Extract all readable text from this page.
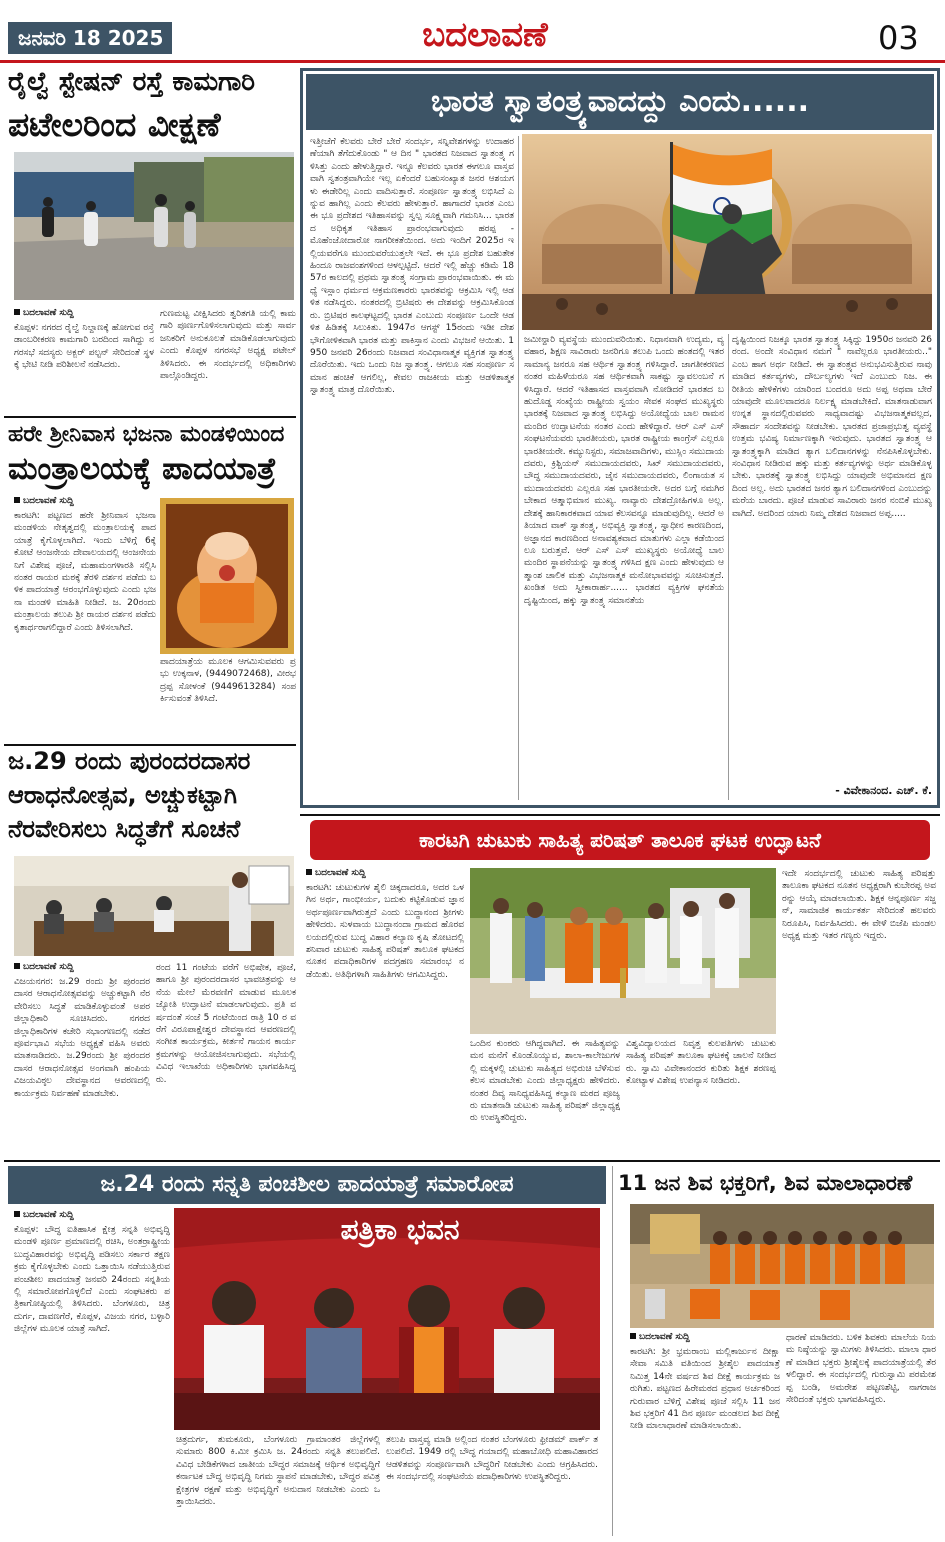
ಜನವರಿ 18 2025	ಬದಲಾವಣೆ	03
ರೈಲ್ವೆ ಸ್ಟೇಷನ್ ರಸ್ತೆ ಕಾಮಗಾರಿ
ಪಟೇಲರಿಂದ ವೀಕ್ಷಣೆ
ಬದಲಾವಣೆ ಸುದ್ದಿ
ಕೊಪ್ಪಳ: ನಗರದ ರೈಲ್ವೆ ನಿಲ್ದಾಣಕ್ಕೆ ಹೋಗುವ ರಸ್ತೆ ಡಾಂಬರೀಕರಣ ಕಾಮಗಾರಿ ಬರದಿಂದ ಸಾಗಿದ್ದು ನಗರಸಭೆ ಸದಸ್ಯರು ಅಕ್ಬರ್ ಪಲ್ಟನ್ ಸೇರಿದಂತೆ ಸ್ಥಳಕ್ಕೆ ಭೇಟಿ ನೀಡಿ ಪರಿಶೀಲನೆ ನಡೆಸಿದರು.
ಗುಣಮಟ್ಟ ವೀಕ್ಷಿಸಿದರು ತ್ವರಿತಗತಿ ಯಲ್ಲಿ ಕಾಮಗಾರಿ ಪೂರ್ಣಗೊಳಿಸಲಾಗುವುದು ಮತ್ತು ಸಾರ್ವಜನಿಕರಿಗೆ ಅನುಕೂಲತೆ ಮಾಡಿಕೊಡಲಾಗುವುದು ಎಂದು ಕೊಪ್ಪಳ ನಗರಸಭೆ ಅಧ್ಯಕ್ಷ ಪಟೇಲ್ ತಿಳಿಸಿದರು. ಈ ಸಂದರ್ಭದಲ್ಲಿ ಅಧಿಕಾರಿಗಳು ಪಾಲ್ಗೊಂಡಿದ್ದರು.
ಹರೇ ಶ್ರೀನಿವಾಸ ಭಜನಾ ಮಂಡಳಿಯಿಂದ
ಮಂತ್ರಾಲಯಕ್ಕೆ ಪಾದಯಾತ್ರೆ
ಬದಲಾವಣೆ ಸುದ್ದಿ
ಕಾರಟಗಿ: ಪಟ್ಟಣದ ಹರೇ ಶ್ರೀನಿವಾಸ ಭಜನಾ ಮಂಡಳಿಯ ನೇತೃತ್ವದಲ್ಲಿ ಮಂತ್ರಾಲಯಕ್ಕೆ ಪಾದಯಾತ್ರೆ ಕೈಗೊಳ್ಳಲಾಗಿದೆ. ಇಂದು ಬೆಳಿಗ್ಗೆ 6ಕ್ಕೆ ಕೋಟೆ ಆಂಜನೇಯ ದೇವಾಲಯದಲ್ಲಿ ಆಂಜನೇಯನಿಗೆ ವಿಶೇಷ ಪೂಜೆ, ಮಹಾಮಂಗಳಾರತಿ ಸಲ್ಲಿಸಿ ನಂತರ ರಾಯರ ಮಠಕ್ಕೆ ತೆರಳಿ ದರ್ಶನ ಪಡೆದು ಬಳಿಕ ಪಾದಯಾತ್ರೆ ಆರಂಭಗೊಳ್ಳುವುದು ಎಂದು ಭಜನಾ ಮಂಡಳಿ ಮಾಹಿತಿ ನೀಡಿದೆ. ಜ. 20ರಂದು ಮಂತ್ರಾಲಯ ತಲುಪಿ ಶ್ರೀ ರಾಯರ ದರ್ಶನ ಪಡೆದು ಕೃತಾರ್ಥರಾಗಲಿದ್ದಾರೆ ಎಂದು ತಿಳಿಸಲಾಗಿದೆ.
ಪಾದಯಾತ್ರೆಯ ಮೂಲಕ ಆಗಮಿಸುವವರು ಪ್ರಭು ಉಕ್ಕನಾಳ, (9449072468), ವೀರಭದ್ರಪ್ಪ ಸೋಳಂಕೆ (9449613284) ಸಂಪರ್ಕಿಸುವಂತೆ ತಿಳಿಸಿದೆ.
ಜ.29 ರಂದು ಪುರಂದರದಾಸರ
ಆರಾಧನೋತ್ಸವ, ಅಚ್ಚುಕಟ್ಟಾಗಿ
ನೆರವೇರಿಸಲು ಸಿದ್ಧತೆಗೆ ಸೂಚನೆ
ಬದಲಾವಣೆ ಸುದ್ದಿ
ವಿಜಯನಗರ: ಜ.29 ರಂದು ಶ್ರೀ ಪುರಂದರದಾಸರ ಆರಾಧನೋತ್ಸವವನ್ನು ಅಚ್ಚುಕಟ್ಟಾಗಿ ನೆರವೇರಿಸಲು ಸಿದ್ಧತೆ ಮಾಡಿಕೊಳ್ಳುವಂತೆ ಅಪರ ಜಿಲ್ಲಾಧಿಕಾರಿ ಸೂಚಿಸಿದರು. ನಗರದ ಜಿಲ್ಲಾಧಿಕಾರಿಗಳ ಕಚೇರಿ ಸಭಾಂಗಣದಲ್ಲಿ ನಡೆದ ಪೂರ್ವಭಾವಿ ಸಭೆಯ ಅಧ್ಯಕ್ಷತೆ ವಹಿಸಿ ಅವರು ಮಾತನಾಡಿದರು. ಜ.29ರಂದು ಶ್ರೀ ಪುರಂದರದಾಸರ ಆರಾಧನೋತ್ಸವ ಅಂಗವಾಗಿ ಹಂಪಿಯ ವಿಜಯವಿಠ್ಠಲ ದೇವಸ್ಥಾನದ ಆವರಣದಲ್ಲಿ ಕಾರ್ಯಕ್ರಮ ನಿರ್ವಹಣೆ ಮಾಡಬೇಕು.
ರಂದ 11 ಗಂಟೆಯ ವರೆಗೆ ಅಭಿಷೇಕ, ಪೂಜೆ, ಹಾಗೂ ಶ್ರೀ ಪುರಂದರದಾಸರ ಭಾವಚಿತ್ರವನ್ನು ಆನೆಯ ಮೇಲೆ ಮೆರವಣಿಗೆ ಮಾಡುವ ಮೂಲಕ ಜ್ಯೋತಿ ಉದ್ಘಾಟನೆ ಮಾಡಲಾಗುವುದು. ಪ್ರತಿ ವರ್ಷದಂತೆ ಸಂಜೆ 5 ಗಂಟೆಯಿಂದ ರಾತ್ರಿ 10 ರ ವರೆಗೆ ವಿರೂಪಾಕ್ಷೇಶ್ವರ ದೇವಸ್ಥಾನದ ಆವರಣದಲ್ಲಿ ಸಂಗೀತ ಕಾರ್ಯಕ್ರಮ, ಕೀರ್ತನೆ ಗಾಯನ ಕಾರ್ಯಕ್ರಮಗಳನ್ನು ಆಯೋಜಿಸಲಾಗುವುದು. ಸಭೆಯಲ್ಲಿ ವಿವಿಧ ಇಲಾಖೆಯ ಅಧಿಕಾರಿಗಳು ಭಾಗವಹಿಸಿದ್ದರು.
ಭಾರತ ಸ್ವಾತಂತ್ರ್ಯವಾದದ್ದು ಎಂದು......
ಇತ್ತೀಚೆಗೆ ಕೆಲವರು ಬೇರೆ ಬೇರೆ ಸಂದರ್ಭ, ಸನ್ನಿವೇಶಗಳನ್ನು ಉದಾಹರಣೆಯಾಗಿ ತೆಗೆದುಕೊಂಡು " ಆ ದಿನ " ಭಾರತದ ನಿಜವಾದ ಸ್ವಾತಂತ್ರ್ಯ ಗಳಿಸಿತ್ತು ಎಂದು ಹೇಳುತ್ತಿದ್ದಾರೆ. ಇನ್ನೂ ಕೆಲವರು ಭಾರತ ಈಗಲೂ ವಾಸ್ತವವಾಗಿ ಸ್ವತಂತ್ರವಾಗಿಯೇ ಇಲ್ಲ ಏಕೆಂದರೆ ಬಹುಸಂಖ್ಯಾತ ಜನರ ಆಶಯಗಳು ಈಡೇರಿಲ್ಲ ಎಂದು ವಾದಿಸುತ್ತಾರೆ. ಸಂಪೂರ್ಣ ಸ್ವಾತಂತ್ರ್ಯ ಲಭಿಸಿದೆ ಎನ್ನುವ ಹಾಗಿಲ್ಲ ಎಂದು ಕೆಲವರು ಹೇಳುತ್ತಾರೆ. ಹಾಗಾದರೆ ಭಾರತ ಎಂಬ ಈ ಭೂ ಪ್ರದೇಶದ ಇತಿಹಾಸವನ್ನು ಸ್ವಲ್ಪ ಸೂಕ್ಷ್ಮವಾಗಿ ಗಮನಿಸಿ... ಭಾರತದ ಅಧಿಕೃತ ಇತಿಹಾಸ ಪ್ರಾರಂಭವಾಗುವುದು ಹರಪ್ಪ - ಮೊಹೆಂಜೋದಾರೋ ನಾಗರೀಕತೆಯಿಂದ. ಅದು ಇಂದಿಗೆ 2025ರ ಇಲ್ಲಿಯವರೆಗೂ ಮುಂದುವರೆಯುತ್ತಲೇ ಇದೆ. ಈ ಭೂ ಪ್ರದೇಶ ಬಹುತೇಕ ಹಿಂದೂ ರಾಜವಂಶಗಳಿಂದ ಆಳಲ್ಪಟ್ಟಿದೆ. ಆದರೆ ಇಲ್ಲಿ ಹೆಚ್ಚು ಕಡಿಮೆ 1857ರ ಕಾಲದಲ್ಲಿ ಪ್ರಥಮ ಸ್ವಾತಂತ್ರ್ಯ ಸಂಗ್ರಾಮ ಪ್ರಾರಂಭವಾಯಿತು. ಈ ಮಧ್ಯೆ ಇಸ್ಲಾಂ ಧರ್ಮದ ಆಕ್ರಮಣಕಾರರು ಭಾರತವನ್ನು ಆಕ್ರಮಿಸಿ ಇಲ್ಲಿ ಆಡಳಿತ ನಡೆಸಿದ್ದರು. ನಂತರದಲ್ಲಿ ಬ್ರಿಟಿಷರು ಈ ದೇಶವನ್ನು ಆಕ್ರಮಿಸಿಕೊಂಡರು. ಬ್ರಿಟಿಷರ ಕಾಲಘಟ್ಟದಲ್ಲಿ ಭಾರತ ಎಂಬುದು ಸಂಪೂರ್ಣ ಒಂದೇ ಆಡಳಿತ ಹಿಡಿತಕ್ಕೆ ಸಿಲುಕಿತು. 1947ರ ಆಗಸ್ಟ್ 15ರಂದು ಇಡೀ ದೇಶ ಭೌಗೋಳಿಕವಾಗಿ ಭಾರತ ಮತ್ತು ಪಾಕಿಸ್ತಾನ ಎಂದು ವಿಭಜನೆ ಆಯಿತು. 1950 ಜನವರಿ 26ರಂದು ನಿಜವಾದ ಸಂವಿಧಾನಾತ್ಮಕ ವ್ಯಕ್ತಿಗತ ಸ್ವಾತಂತ್ರ್ಯ ದೊರೆಯಿತು. ಇದು ಒಂದು ನಿಜ ಸ್ವಾತಂತ್ರ್ಯ. ಆಗಲೂ ಸಹ ಸಂಪೂರ್ಣ ಸಮಾನ ಹಂಚಿಕೆ ಆಗಲಿಲ್ಲ, ಕೇವಲ ರಾಜಕೀಯ ಮತ್ತು ಆಡಳಿತಾತ್ಮಕ ಸ್ವಾತಂತ್ರ್ಯ ಮಾತ್ರ ದೊರೆಯಿತು.
ಜಮೀನ್ದಾರಿ ವ್ಯವಸ್ಥೆಯ ಮುಂದುವರಿಯಿತು. ನಿಧಾನವಾಗಿ ಉದ್ಯಮ, ವ್ಯವಹಾರ, ಶಿಕ್ಷಣ ಸಾವಿರಾರು ಜನರಿಗೂ ತಲುಪಿ ಒಂದು ಹಂತದಲ್ಲಿ ಇತರ ಸಾಮಾನ್ಯ ಜನರೂ ಸಹ ಆರ್ಥಿಕ ಸ್ವಾತಂತ್ರ್ಯ ಗಳಿಸಿದ್ದಾರೆ. ಜಾಗತೀಕರಣದ ನಂತರ ಮಹಿಳೆಯರೂ ಸಹ ಆರ್ಥಿಕವಾಗಿ ಸಾಕಷ್ಟು ಸ್ವಾವಲಂಬನೆ ಗಳಿಸಿದ್ದಾರೆ. ಆದರೆ ಇತಿಹಾಸದ ವಾಸ್ತವವಾಗಿ ನೋಡಿದರೆ ಭಾರತದ ಬಹುದೊಡ್ಡ ಸಂಖ್ಯೆಯ ರಾಷ್ಟ್ರೀಯ ಸ್ವಯಂ ಸೇವಕ ಸಂಘದ ಮುಖ್ಯಸ್ಥರು ಭಾರತಕ್ಕೆ ನಿಜವಾದ ಸ್ವಾತಂತ್ರ್ಯ ಲಭಿಸಿದ್ದು ಅಯೋಧ್ಯೆಯ ಬಾಲ ರಾಮನ ಮಂದಿರ ಉದ್ಘಾಟನೆಯ ನಂತರ ಎಂದು ಹೇಳಿದ್ದಾರೆ. ಆರ್ ಎಸ್ ಎಸ್ ಸಂಘಟನೆಯವರು ಭಾರತೀಯರು, ಭಾರತ ರಾಷ್ಟ್ರೀಯ ಕಾಂಗ್ರೆಸ್ ಎಲ್ಲರೂ ಭಾರತೀಯರೇ. ಕಮ್ಯುನಿಸ್ಟರು, ಸಮಾಜವಾದಿಗಳು, ಮುಸ್ಲಿಂ ಸಮುದಾಯದವರು, ಕ್ರಿಶ್ಚಿಯನ್ ಸಮುದಾಯದವರು, ಸಿಖ್ ಸಮುದಾಯದವರು, ಬೌದ್ಧ ಸಮುದಾಯದವರು, ಜೈನ ಸಮುದಾಯದವರು, ಲಿಂಗಾಯತ ಸಮುದಾಯದವರು ಎಲ್ಲರೂ ಸಹ ಭಾರತೀಯರೇ. ಅದರ ಬಗ್ಗೆ ನಮಗಿರಬೇಕಾದ ಆತ್ಮಾಭಿಮಾನ ಮುಖ್ಯ. ನಾವ್ಯಾರು ದೇಶದ್ರೋಹಿಗಳೂ ಅಲ್ಲ. ದೇಶಕ್ಕೆ ಹಾನಿಕಾರಕವಾದ ಯಾವ ಕೆಲಸವನ್ನೂ ಮಾಡುವುದಿಲ್ಲ. ಆದರೆ ಅತಿಯಾದ ವಾಕ್ ಸ್ವಾತಂತ್ರ್ಯ, ಅಭಿವ್ಯಕ್ತಿ ಸ್ವಾತಂತ್ರ್ಯ, ಸ್ವಾಧೀನ ಕಾರಣದಿಂದ, ಅಜ್ಞಾನದ ಕಾರಣದಿಂದ ಅನಾವಶ್ಯಕವಾದ ಮಾತುಗಳು ಎಲ್ಲಾ ಕಡೆಯಿಂದಲೂ ಬರುತ್ತವೆ. ಆರ್ ಎಸ್ ಎಸ್ ಮುಖ್ಯಸ್ಥರು ಅಯೋಧ್ಯೆ ಬಾಲ ಮಂದಿರ ಸ್ಥಾಪನೆಯನ್ನು ಸ್ವಾತಂತ್ರ್ಯ ಗಳಿಸಿದ ಕ್ಷಣ ಎಂದು ಹೇಳುವುದು ಆತ್ಮಾಂಶ ಚಾಲಿಕ ಮತ್ತು ವಿಭಜನಾತ್ಮಕ ಮನೋಭಾವವನ್ನು ಸೂಚಿಸುತ್ತದೆ. ಖಂಡಿತ ಅದು ಸ್ವೀಕಾರಾರ್ಹ...... ಭಾರತದ ವ್ಯಕ್ತಿಗಳ ಘನತೆಯ ದೃಷ್ಟಿಯಿಂದ, ಹಕ್ಕು ಸ್ವಾತಂತ್ರ್ಯ ಸಮಾನತೆಯ
ದೃಷ್ಟಿಯಿಂದ ನಿಜಕ್ಕೂ ಭಾರತ ಸ್ವಾತಂತ್ರ್ಯ ಸಿಕ್ಕಿದ್ದು 1950ರ ಜನವರಿ 26 ರಂದ. ಅಂದೇ ಸಂವಿಧಾನ ನಮಗೆ " ನಾವೆಲ್ಲರೂ ಭಾರತೀಯರು.." ಎಂಬ ಹಾಗ ಅರ್ಥ ನೀಡಿದೆ. ಈ ಸ್ವಾತಂತ್ರ್ಯವ ಅನುಭವಿಸುತ್ತಿರುವ ನಾವು ಮಾಡಿದ ಕರ್ತವ್ಯಗಳು, ದೌರ್ಬಲ್ಯಗಳು ಇದೆ ಎಂಬುದು ನಿಜ. ಈ ರೀತಿಯ ಹೇಳಿಕೆಗಳು ಯಾರಿಂದ ಬಂದರೂ ಅದು ಅಪ್ಪ ಅಥವಾ ಬೇರೆ ಯಾವುದೇ ಮೂಲವಾದರೂ ನಿರ್ಲಕ್ಷ್ಯ ಮಾಡಬೇಕಿದೆ. ಮಾತನಾಡುವಾಗ ಉನ್ನತ ಸ್ಥಾನದಲ್ಲಿರುವವರು ಸಾಧ್ಯವಾದಷ್ಟು ವಿಭಜನಾತ್ಮಕವಲ್ಲದ, ಸೌಹಾರ್ದ ಸಂದೇಶವನ್ನು ನೀಡಬೇಕು. ಭಾರತದ ಪ್ರಜಾಪ್ರಭುತ್ವ ವ್ಯವಸ್ಥೆ ಉತ್ತಮ ಭವಿಷ್ಯ ನಿರ್ಮಾಣಕ್ಕಾಗಿ ಇರುವುದು. ಭಾರತದ ಸ್ವಾತಂತ್ರ್ಯ ಆ ಸ್ವಾತಂತ್ರ್ಯಕ್ಕಾಗಿ ಮಾಡಿದ ತ್ಯಾಗ ಬಲಿದಾನಗಳನ್ನು ನೆನಪಿಸಿಕೊಳ್ಳಬೇಕು. ಸಂವಿಧಾನ ನೀಡಿರುವ ಹಕ್ಕು ಮತ್ತು ಕರ್ತವ್ಯಗಳನ್ನು ಅರ್ಥ ಮಾಡಿಕೊಳ್ಳಬೇಕು. ಭಾರತಕ್ಕೆ ಸ್ವಾತಂತ್ರ್ಯ ಲಭಿಸಿದ್ದು ಯಾವುದೇ ಅಭಿಮಾನದ ಕ್ಷಣದಿಂದ ಅಲ್ಲ. ಅದು ಭಾರತದ ಜನರ ತ್ಯಾಗ ಬಲಿದಾನಗಳಿಂದ ಎಂಬುದನ್ನು ಮರೆಯ ಬಾರದು. ಪೂಜೆ ಮಾಡುವ ಸಾವಿರಾರು ಜನರ ನಂಬಿಕೆ ಮುಖ್ಯವಾಗಿದೆ. ಅದರಿಂದ ಯಾರು ನಿಮ್ಮ ದೇಶದ ನಿಜವಾದ ಅಪ್ಪ.....
- ವಿವೇಕಾನಂದ. ಎಚ್. ಕೆ.
ಕಾರಟಗಿ ಚುಟುಕು ಸಾಹಿತ್ಯ ಪರಿಷತ್ ತಾಲೂಕ ಘಟಕ ಉದ್ಘಾಟನೆ
ಬದಲಾವಣೆ ಸುದ್ದಿ
ಕಾರಟಗಿ: ಚುಟುಕುಗಳ ಶೈಲಿ ಚಿಕ್ಕದಾದರೂ, ಅದರ ಒಳಗಿನ ಅರ್ಥ, ಗಾಂಭೀರ್ಯ, ಬದುಕು ಕಟ್ಟಿಕೊಡುವ ಜ್ಞಾನ ಅರ್ಥಪೂರ್ಣವಾಗಿರುತ್ತದೆ ಎಂದು ಬುದ್ಧಾನಂದ ಶ್ರೀಗಳು ಹೇಳಿದರು. ಸುಳವಾಯ ಬುದ್ಧಾನಂದಾ ಗ್ರಾಮದ ಹೊರವಲಯದಲ್ಲಿರುವ ಬುದ್ಧ ವಿಹಾರ ಕಲ್ಯಾಣ ಕೃಷಿ ತೋಟದಲ್ಲಿ ಶನಿವಾರ ಚುಟುಕು ಸಾಹಿತ್ಯ ಪರಿಷತ್ ತಾಲೂಕ ಘಟಕದ ನೂತನ ಪದಾಧಿಕಾರಿಗಳ ಪದಗ್ರಹಣ ಸಮಾರಂಭ ನಡೆಯಿತು. ಅತಿಥಿಗಳಾಗಿ ಸಾಹಿತಿಗಳು ಆಗಮಿಸಿದ್ದರು.
ಒಂದಿನ ಕುಂಠರು ಆಗಿದ್ದವಾಗಿದೆ. ಈ ಸಾಹಿತ್ಯವನ್ನು ಮನ ಮನೆಗೆ ಕೊಂಡೊಯ್ಯುವ, ಶಾಲಾ-ಕಾಲೇಜುಗಳಲ್ಲಿ ಮಕ್ಕಳಲ್ಲಿ ಚುಟುಕು ಸಾಹಿತ್ಯದ ಅಭಿರುಚಿ ಬೆಳೆಸುವ ಕೆಲಸ ಮಾಡಬೇಕು ಎಂದು ಜಿಲ್ಲಾಧ್ಯಕ್ಷರು ಹೇಳಿದರು. ನಂತರ ದಿವ್ಯ ಸಾನಿಧ್ಯವಹಿಸಿದ್ದ ಕಲ್ಯಾಣ ಮಠದ ಪೂಜ್ಯರು ಮಾತನಾಡಿ ಚುಟುಕು ಸಾಹಿತ್ಯ ಪರಿಷತ್ ಜಿಲ್ಲಾಧ್ಯಕ್ಷರು ಉಪಸ್ಥಿತರಿದ್ದರು.
ವಿಶ್ವವಿದ್ಯಾಲಯದ ನಿವೃತ್ತ ಕುಲಪತಿಗಳು ಚುಟುಕು ಸಾಹಿತ್ಯ ಪರಿಷತ್ ತಾಲೂಕಾ ಘಟಕಕ್ಕೆ ಚಾಲನೆ ನೀಡಿದರು. ಸ್ವಾಮಿ ವಿವೇಕಾನಂದರ ಕುರಿತು ಶಿಕ್ಷಕ ಶರಣಪ್ಪ ಕೋಟ್ಯಾಳ ವಿಶೇಷ ಉಪನ್ಯಾಸ ನೀಡಿದರು.
ಇದೇ ಸಂದರ್ಭದಲ್ಲಿ ಚುಟುಕು ಸಾಹಿತ್ಯ ಪರಿಷತ್ತು ತಾಲೂಕಾ ಘಟಕದ ನೂತನ ಅಧ್ಯಕ್ಷರಾಗಿ ಕುಬೇರಪ್ಪ ಅವರನ್ನು ಆಯ್ಕೆ ಮಾಡಲಾಯಿತು. ಶಿಕ್ಷಕ ಆನ್ನಪೂರ್ಣ ಸಜ್ಜನ್, ಸಾಮಾಜಿಕ ಕಾರ್ಯಕರ್ತ ಸೇರಿದಂತೆ ಹಲವರು ನಿರೂಪಿಸಿ, ನಿರ್ವಹಿಸಿದರು. ಈ ವೇಳೆ ಬಿಜೆಪಿ ಮಂಡಲ ಅಧ್ಯಕ್ಷ ಮತ್ತು ಇತರ ಗಣ್ಯರು ಇದ್ದರು.
ಜ.24 ರಂದು ಸನ್ನತಿ ಪಂಚಶೀಲ ಪಾದಯಾತ್ರೆ ಸಮಾರೋಪ
ಬದಲಾವಣೆ ಸುದ್ದಿ
ಕೊಪ್ಪಳ: ಬೌದ್ಧ ಐತಿಹಾಸಿಕ ಕ್ಷೇತ್ರ ಸನ್ನತಿ ಅಭಿವೃದ್ಧಿ ಮಂಡಳಿ ಪೂರ್ಣ ಪ್ರಮಾಣದಲ್ಲಿ ರಚಿಸಿ, ಅಂತರ್ರಾಷ್ಟ್ರೀಯ ಬುದ್ಧವಿಹಾರವನ್ನು ಅಭಿವೃದ್ಧಿ ಪಡಿಸಲು ಸರ್ಕಾರ ತಕ್ಷಣ ಕ್ರಮ ಕೈಗೊಳ್ಳಬೇಕು ಎಂದು ಒತ್ತಾಯಿಸಿ ನಡೆಯುತ್ತಿರುವ ಪಂಚಶೀಲ ಪಾದಯಾತ್ರೆ ಜನವರಿ 24ರಂದು ಸನ್ನತಿಯಲ್ಲಿ ಸಮಾರೋಪಗೊಳ್ಳಲಿದೆ ಎಂದು ಸಂಘಟಕರು ಪತ್ರಿಕಾಗೋಷ್ಠಿಯಲ್ಲಿ ತಿಳಿಸಿದರು. ಬೆಂಗಳೂರು, ಚಿತ್ರದುರ್ಗ, ದಾವಣಗೆರೆ, ಕೊಪ್ಪಳ, ವಿಜಯ ನಗರ, ಬಳ್ಳಾರಿ ಜಿಲ್ಲೆಗಳ ಮೂಲಕ ಯಾತ್ರೆ ಸಾಗಿದೆ.
ಪತ್ರಿಕಾ ಭವನ
ಚಿತ್ರದುರ್ಗ, ತುಮಕೂರು, ಬೆಂಗಳೂರು ಗ್ರಾಮಾಂತರ ಜಿಲ್ಲೆಗಳಲ್ಲಿ ಸುಮಾರು 800 ಕಿ.ಮೀ ಕ್ರಮಿಸಿ ಜ. 24ರಂದು ಸನ್ನತಿ ತಲುಪಲಿದೆ. ವಿವಿಧ ಬೇಡಿಕೆಗಳಾದ ಜಾತೀಯ ಬೌದ್ಧರ ಸಮಾಜಕ್ಕೆ ಆರ್ಥಿಕ ಅಭಿವೃದ್ಧಿಗೆ ಕರ್ನಾಟಕ ಬೌದ್ಧ ಅಭಿವೃದ್ಧಿ ನಿಗಮ ಸ್ಥಾಪನೆ ಮಾಡಬೇಕು, ಬೌದ್ಧರ ಪವಿತ್ರ ಕ್ಷೇತ್ರಗಳ ರಕ್ಷಣೆ ಮತ್ತು ಅಭಿವೃದ್ಧಿಗೆ ಅನುದಾನ ನೀಡಬೇಕು ಎಂದು ಒತ್ತಾಯಿಸಿದರು.
ತಲುಪಿ ವಾಸ್ತವ್ಯ ಮಾಡಿ ಅಲ್ಲಿಂದ ನಂತರ ಬೆಂಗಳೂರು ಫ್ರೀಡಮ್ ಪಾರ್ಕ್ ತಲುಪಲಿದೆ. 1949 ರಲ್ಲಿ ಬೌದ್ಧ ಗಯಾದಲ್ಲಿ ಮಹಾಬೋಧಿ ಮಹಾವಿಹಾರದ ಆಡಳಿತವನ್ನು ಸಂಪೂರ್ಣವಾಗಿ ಬೌದ್ಧರಿಗೆ ನೀಡಬೇಕು ಎಂದು ಆಗ್ರಹಿಸಿದರು. ಈ ಸಂದರ್ಭದಲ್ಲಿ ಸಂಘಟನೆಯ ಪದಾಧಿಕಾರಿಗಳು ಉಪಸ್ಥಿತರಿದ್ದರು.
11 ಜನ ಶಿವ ಭಕ್ತರಿಗೆ, ಶಿವ ಮಾಲಾಧಾರಣೆ
ಬದಲಾವಣೆ ಸುದ್ದಿ
ಕಾರಟಗಿ: ಶ್ರೀ ಭ್ರಮರಾಂಬ ಮಲ್ಲಿಕಾರ್ಜುನ ದೀಕ್ಷಾ ಸೇವಾ ಸಮಿತಿ ವತಿಯಿಂದ ಶ್ರೀಶೈಲ ಪಾದಯಾತ್ರೆ ನಿಮಿತ್ತ 14ನೇ ವರ್ಷದ ಶಿವ ದೀಕ್ಷೆ ಕಾರ್ಯಕ್ರಮ ಜರುಗಿತು. ಪಟ್ಟಣದ ಹಿರೇಮಠದ ಪ್ರಧಾನ ಅರ್ಚಕರಿಂದ ಗುರುವಾರ ಬೆಳಿಗ್ಗೆ ವಿಶೇಷ ಪೂಜೆ ಸಲ್ಲಿಸಿ 11 ಜನ ಶಿವ ಭಕ್ತರಿಗೆ 41 ದಿನ ಪೂರ್ಣ ಮಂಡಲದ ಶಿವ ದೀಕ್ಷೆ ನೀಡಿ ಮಾಲಾಧಾರಣೆ ಮಾಡಿಸಲಾಯಿತು.
ಧಾರಣೆ ಮಾಡಿದರು. ಬಳಿಕ ಶಿವಕರು ಮಾಲೆಯ ನಿಯಮ ನಿಷ್ಠೆಯನ್ನು ಸ್ವಾಮಿಗಳು ತಿಳಿಸಿದರು. ಮಾಲಾ ಧಾರಣೆ ಮಾಡಿದ ಭಕ್ತರು ಶ್ರೀಶೈಲಕ್ಕೆ ಪಾದಯಾತ್ರೆಯಲ್ಲಿ ತೆರಳಲಿದ್ದಾರೆ. ಈ ಸಂದರ್ಭದಲ್ಲಿ ಗುರುಸ್ವಾಮಿ ಪರಮೇಶಪ್ಪ ಬಂಡಿ, ಅಮರೇಶ ಪಟ್ಟಣಶೆಟ್ಟಿ, ನಾಗರಾಜ ಸೇರಿದಂತೆ ಭಕ್ತರು ಭಾಗವಹಿಸಿದ್ದರು.
